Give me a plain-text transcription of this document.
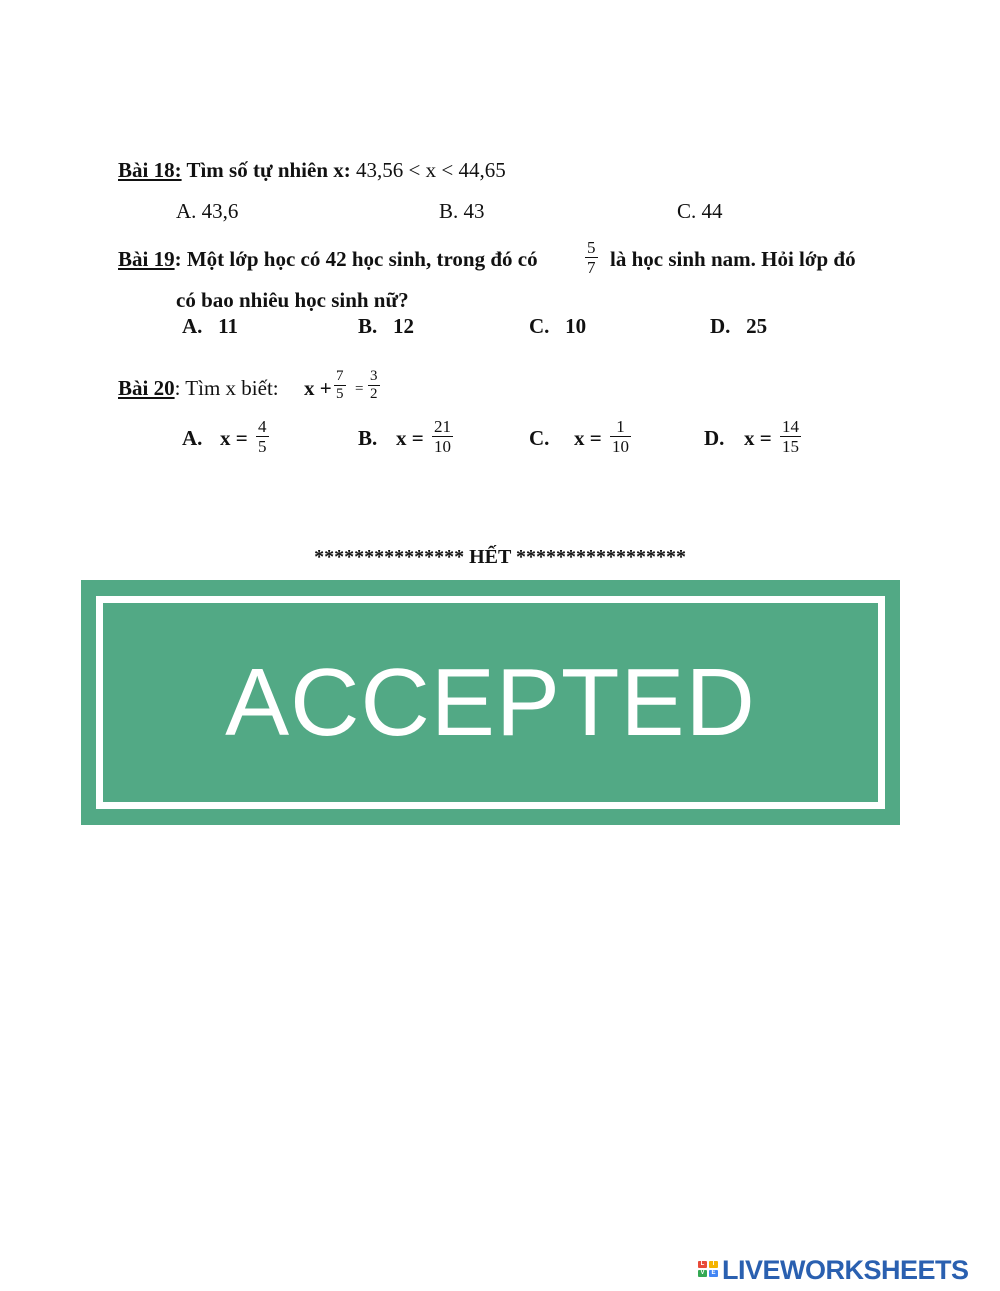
Bài 18: Tìm số tự nhiên x: 43,56 < x < 44,65
A. 43,6	B. 43	C. 44
Bài 19: Một lớp học có 42 học sinh, trong đó có	$\frac{5}{7}$ là học sinh nam. Hỏi lớp đó
có bao nhiêu học sinh nữ?
A.   11	B.   12	C.   10	D.   25
Bài 20: Tìm x biết: $x + \frac{7}{5} = \frac{3}{2}$
A. $x = \frac{4}{5}$	B. $x = \frac{21}{10}$	C. $x = \frac{1}{10}$	D. $x = \frac{14}{15}$
*************** HẾT *****************
ACCEPTED
L	I
V	E LIVEWORKSHEETS
